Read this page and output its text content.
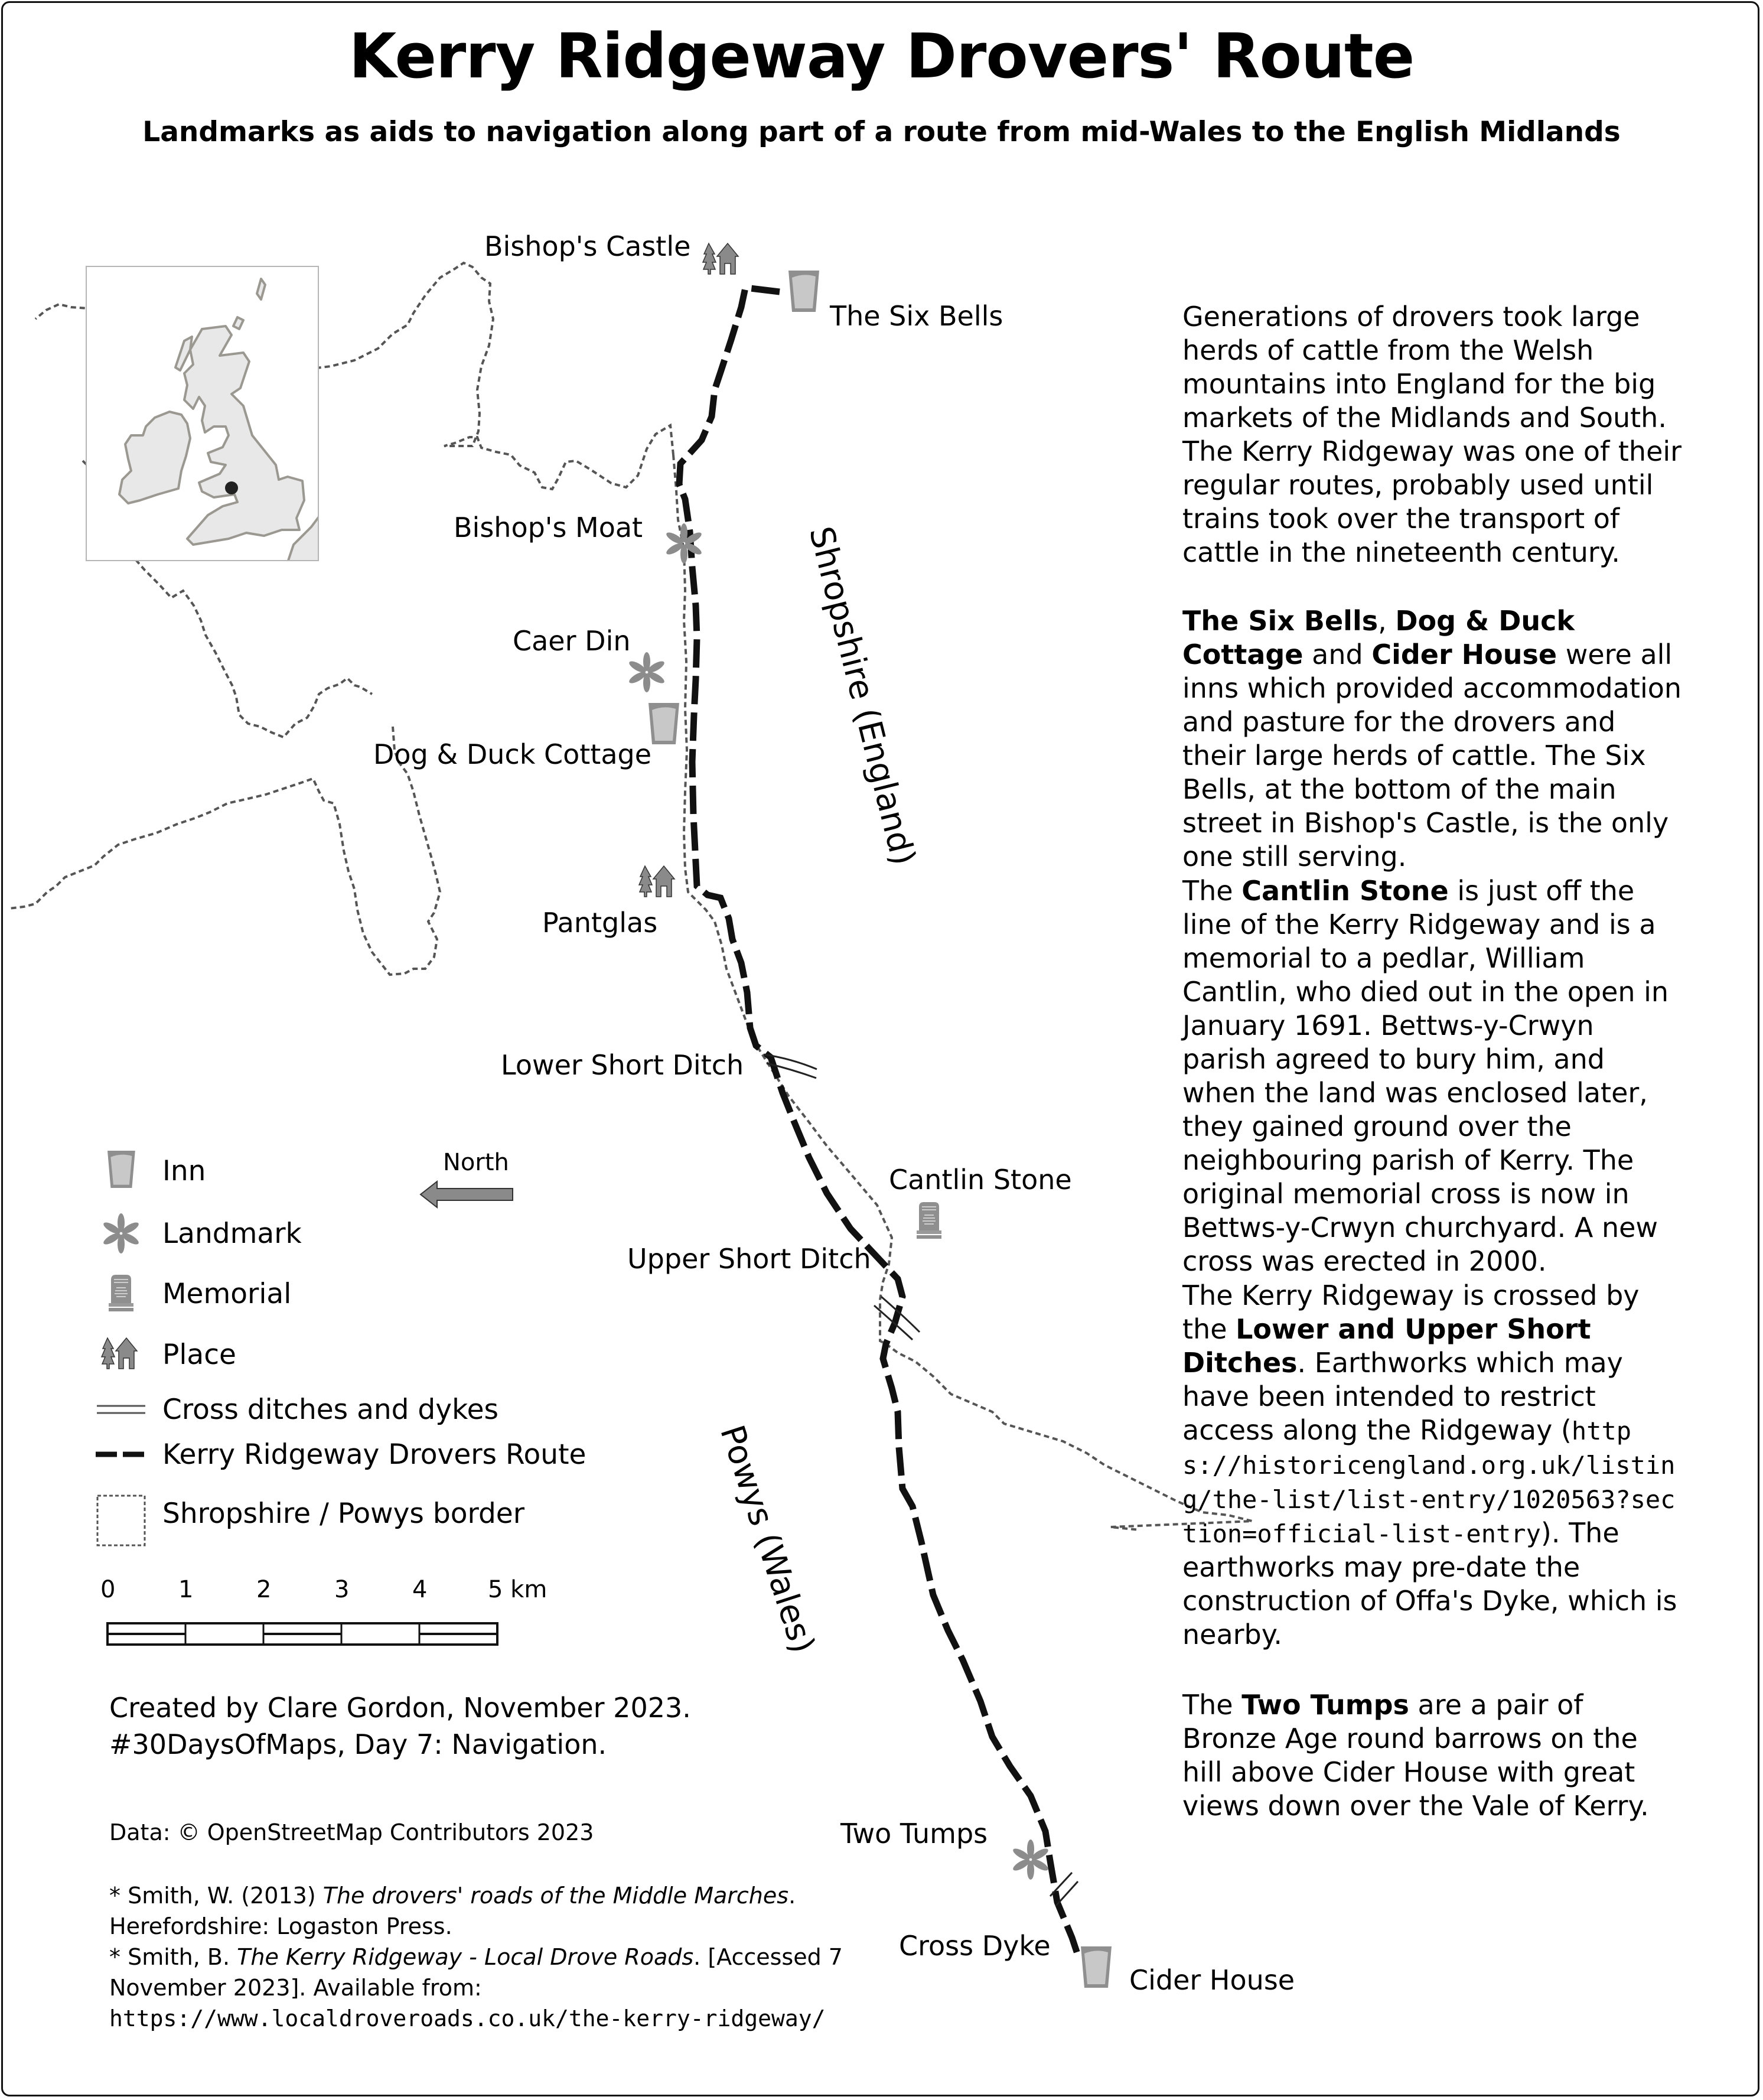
Kerry Ridgeway Drovers' Route
Landmarks as aids to navigation along part of a route from mid-Wales to the English Midlands
Bishop's Castle
The Six Bells
Bishop's Moat
Caer Din
Dog & Duck Cottage
Pantglas
Lower Short Ditch
Cantlin Stone
Upper Short Ditch
Two Tumps
Cross Dyke
Cider House
Shropshire (England)
Powys (Wales)
North
Inn
Landmark
Memorial
Place
Cross ditches and dykes
Kerry Ridgeway Drovers Route
Shropshire / Powys border
0	1	2	3	4	5 km
Created by Clare Gordon, November 2023.
#30DaysOfMaps, Day 7: Navigation.
Data: © OpenStreetMap Contributors 2023
* Smith, W. (2013) The drovers' roads of the Middle Marches.
Herefordshire: Logaston Press.
* Smith, B. The Kerry Ridgeway - Local Drove Roads. [Accessed 7
November 2023]. Available from:
https://www.localdroveroads.co.uk/the-kerry-ridgeway/

Generations of drovers took large herds of cattle from the Welsh mountains into England for the big markets of the Midlands and South. The Kerry Ridgeway was one of their regular routes, probably used until trains took over the transport of cattle in the nineteenth century.

The Six Bells, Dog & Duck Cottage and Cider House were all inns which provided accommodation and pasture for the drovers and their large herds of cattle. The Six Bells, at the bottom of the main street in Bishop's Castle, is the only one still serving.

The Cantlin Stone is just off the line of the Kerry Ridgeway and is a memorial to a pedlar, William Cantlin, who died out in the open in January 1691. Bettws-y-Crwyn parish agreed to bury him, and when the land was enclosed later, they gained ground over the neighbouring parish of Kerry. The original memorial cross is now in Bettws-y-Crwyn churchyard. A new cross was erected in 2000.

The Kerry Ridgeway is crossed by the Lower and Upper Short Ditches. Earthworks which may have been intended to restrict access along the Ridgeway (https://historicengland.org.uk/listing/the-list/list-entry/1020563?section=official-list-entry). The earthworks may pre-date the construction of Offa's Dyke, which is nearby.

The Two Tumps are a pair of Bronze Age round barrows on the hill above Cider House with great views down over the Vale of Kerry.
